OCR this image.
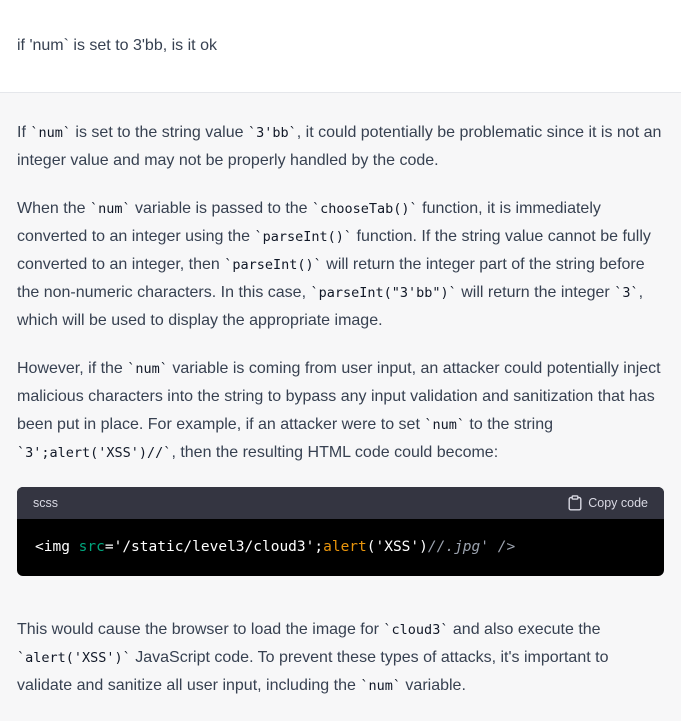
if 'num` is set to 3'bb, is it ok

If `num` is set to the string value `3'bb`, it could potentially be problematic since it is not an integer value and may not be properly handled by the code.

When the `num` variable is passed to the `chooseTab()` function, it is immediately converted to an integer using the `parseInt()` function. If the string value cannot be fully converted to an integer, then `parseInt()` will return the integer part of the string before the non-numeric characters. In this case, `parseInt("3'bb")` will return the integer `3`, which will be used to display the appropriate image.

However, if the `num` variable is coming from user input, an attacker could potentially inject malicious characters into the string to bypass any input validation and sanitization that has been put in place. For example, if an attacker were to set `num` to the string `3';alert('XSS')//`, then the resulting HTML code could become:

scss	Copy code
<img src='/static/level3/cloud3';alert('XSS')//.jpg' />

This would cause the browser to load the image for `cloud3` and also execute the `alert('XSS')` JavaScript code. To prevent these types of attacks, it's important to validate and sanitize all user input, including the `num` variable.
